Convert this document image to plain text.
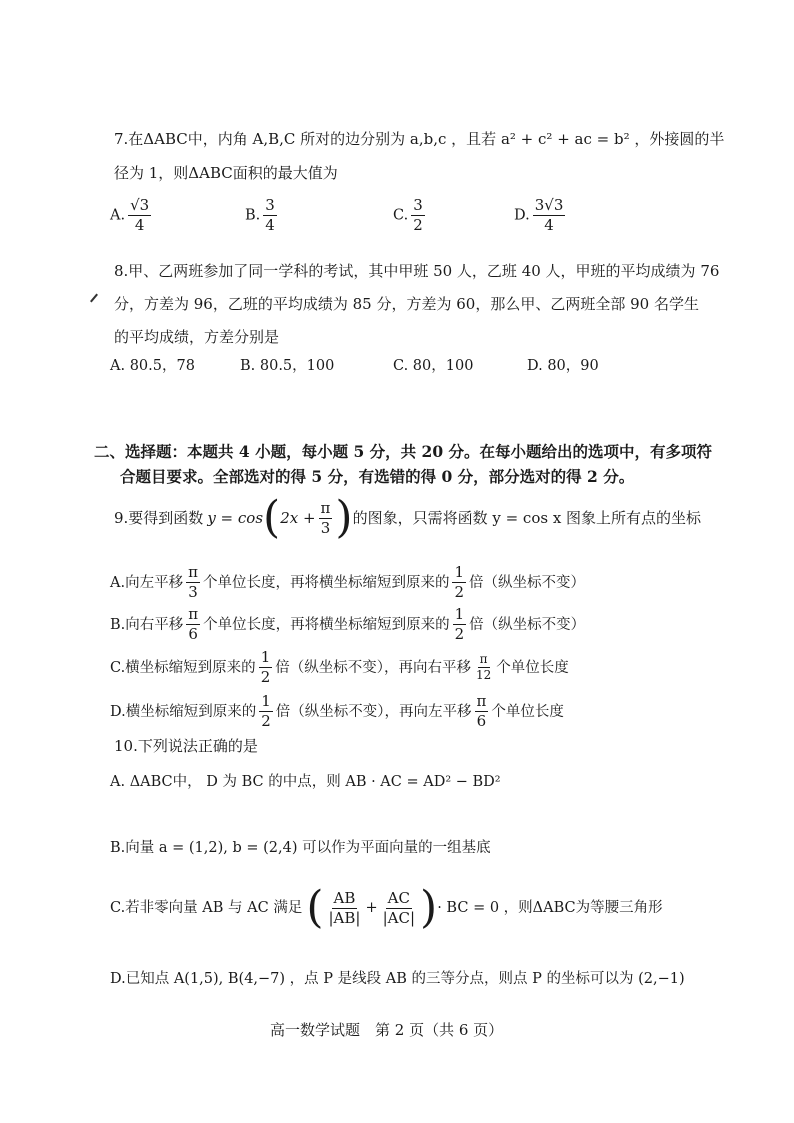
7.在ΔABC中，内角 A,B,C 所对的边分别为 a,b,c ，且若 a² + c² + ac = b² ，外接圆的半
径为 1，则ΔABC面积的最大值为
A. $\frac{√3}{4}$	B. $\frac{3}{4}$	C. $\frac{3}{2}$	D. $\frac{3√3}{4}$
8.甲、乙两班参加了同一学科的考试，其中甲班 50 人，乙班 40 人，甲班的平均成绩为 76
分，方差为 96，乙班的平均成绩为 85 分，方差为 60，那么甲、乙两班全部 90 名学生
的平均成绩，方差分别是
A. 80.5，78	B. 80.5，100	C. 80，100	D. 80，90
二、选择题：本题共 4 小题，每小题 5 分，共 20 分。在每小题给出的选项中，有多项符
合题目要求。全部选对的得 5 分，有选错的得 0 分，部分选对的得 2 分。
9.要得到函数 y = cos ( $2x + \frac{\pi}{3}$ ) 的图象，只需将函数 y = cos x 图象上所有点的坐标
A.向左平移 $\frac{\pi}{3}$ 个单位长度，再将横坐标缩短到原来的 $\frac{1}{2}$ 倍（纵坐标不变）
B.向右平移 $\frac{\pi}{6}$ 个单位长度，再将横坐标缩短到原来的 $\frac{1}{2}$ 倍（纵坐标不变）
C.横坐标缩短到原来的 $\frac{1}{2}$ 倍（纵坐标不变），再向右平移 $\frac{\pi}{12}$ 个单位长度
D.横坐标缩短到原来的 $\frac{1}{2}$ 倍（纵坐标不变），再向左平移 $\frac{\pi}{6}$ 个单位长度
10.下列说法正确的是
A. ΔABC中， D 为 BC 的中点，则 AB · AC = AD² − BD²
B.向量 a = (1,2), b = (2,4) 可以作为平面向量的一组基底
C.若非零向量 AB 与 AC 满足 ( $\frac{AB}{|AB|} + \frac{AC}{|AC|}$ ) · BC = 0 ，则ΔABC为等腰三角形
D.已知点 A(1,5), B(4,−7) ，点 P 是线段 AB 的三等分点，则点 P 的坐标可以为 (2,−1)
高一数学试题　第 2 页（共 6 页）
